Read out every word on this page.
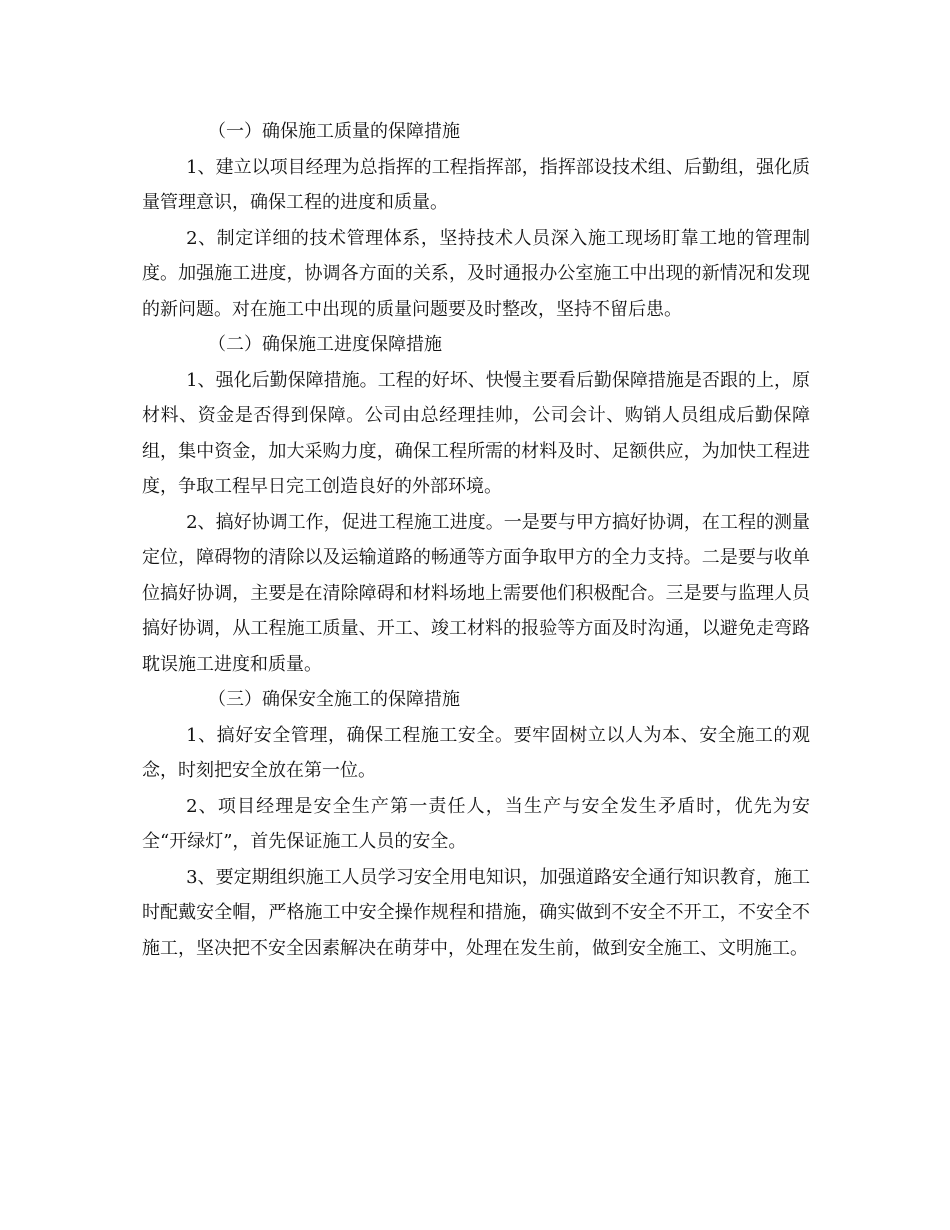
（一）确保施工质量的保障措施

1、建立以项目经理为总指挥的工程指挥部，指挥部设技术组、后勤组，强化质量管理意识，确保工程的进度和质量。

2、制定详细的技术管理体系，坚持技术人员深入施工现场盯靠工地的管理制度。加强施工进度，协调各方面的关系，及时通报办公室施工中出现的新情况和发现的新问题。对在施工中出现的质量问题要及时整改，坚持不留后患。

（二）确保施工进度保障措施

1、强化后勤保障措施。工程的好坏、快慢主要看后勤保障措施是否跟的上，原材料、资金是否得到保障。公司由总经理挂帅，公司会计、购销人员组成后勤保障组，集中资金，加大采购力度，确保工程所需的材料及时、足额供应，为加快工程进度，争取工程早日完工创造良好的外部环境。

2、搞好协调工作，促进工程施工进度。一是要与甲方搞好协调，在工程的测量定位，障碍物的清除以及运输道路的畅通等方面争取甲方的全力支持。二是要与收单位搞好协调，主要是在清除障碍和材料场地上需要他们积极配合。三是要与监理人员搞好协调，从工程施工质量、开工、竣工材料的报验等方面及时沟通，以避免走弯路耽误施工进度和质量。

（三）确保安全施工的保障措施

1、搞好安全管理，确保工程施工安全。要牢固树立以人为本、安全施工的观念，时刻把安全放在第一位。

2、项目经理是安全生产第一责任人，当生产与安全发生矛盾时，优先为安全“开绿灯”，首先保证施工人员的安全。

3、要定期组织施工人员学习安全用电知识，加强道路安全通行知识教育，施工时配戴安全帽，严格施工中安全操作规程和措施，确实做到不安全不开工，不安全不施工，坚决把不安全因素解决在萌芽中，处理在发生前，做到安全施工、文明施工。
